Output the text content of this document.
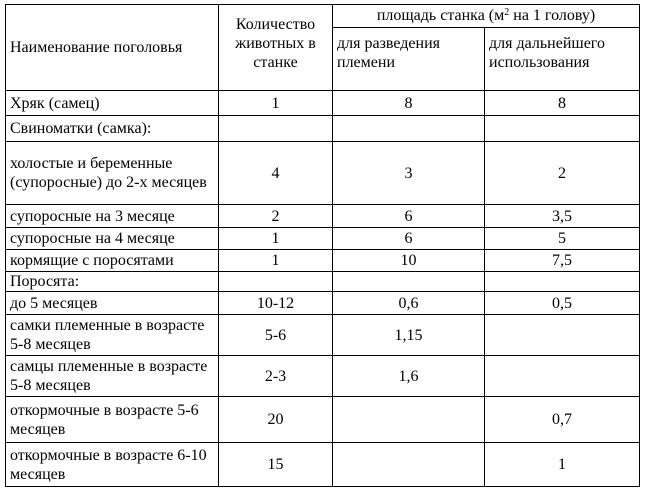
Наименование поголовья	Количество животных в станке	площадь станка ($м^2$ на 1 голову)	
		для разведения племени	для дальнейшего использования
Хряк (самец)	1	8	8
Свиноматки (самка):			
холостые и беременные (супоросные) до 2-х месяцев	4	3	2
супоросные на 3 месяце	2	6	3,5
супоросные на 4 месяце	1	6	5
кормящие с поросятами	1	10	7,5
Поросята:			
до 5 месяцев	10-12	0,6	0,5
самки племенные в возрасте 5-8 месяцев	5-6	1,15	
самцы племенные в возрасте 5-8 месяцев	2-3	1,6	
откормочные в возрасте 5-6 месяцев	20		0,7
откормочные в возрасте 6-10 месяцев	15		1
